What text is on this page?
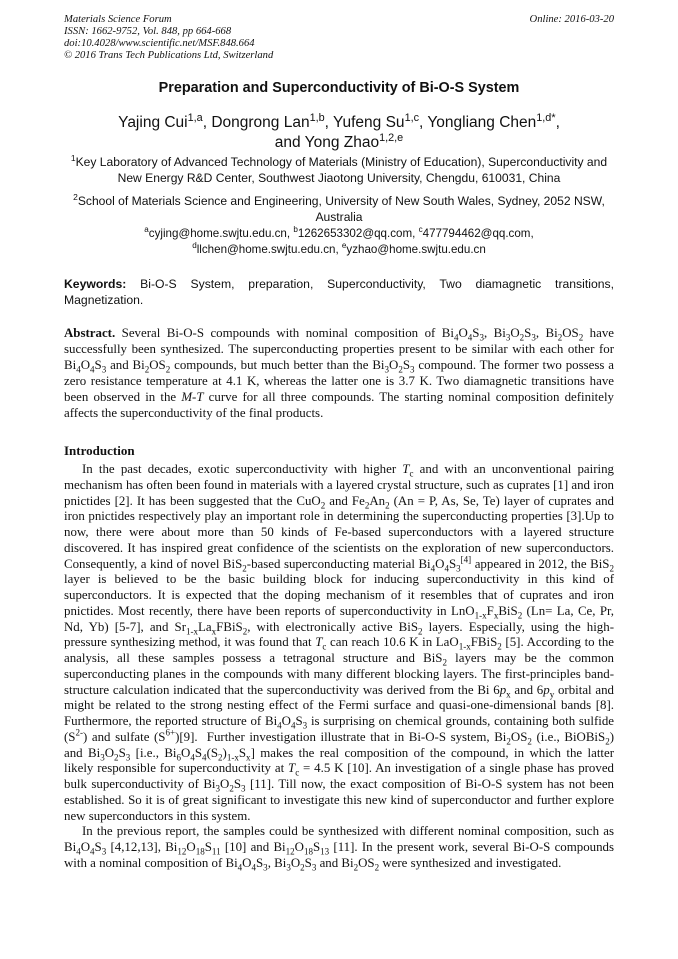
Materials Science Forum
ISSN: 1662-9752, Vol. 848, pp 664-668
doi:10.4028/www.scientific.net/MSF.848.664
© 2016 Trans Tech Publications Ltd, Switzerland
Online: 2016-03-20
Preparation and Superconductivity of Bi-O-S System
Yajing Cui$^{1,a}$, Dongrong Lan$^{1,b}$, Yufeng Su$^{1,c}$, Yongliang Chen$^{1,d*}$,
and Yong Zhao$^{1,2,e}$
$^1$Key Laboratory of Advanced Technology of Materials (Ministry of Education), Superconductivity and New Energy R&D Center, Southwest Jiaotong University, Chengdu, 610031, China
$^2$School of Materials Science and Engineering, University of New South Wales, Sydney, 2052 NSW, Australia
$^a$cyjing@home.swjtu.edu.cn, $^b$1262653302@qq.com, $^c$477794462@qq.com,
$^d$llchen@home.swjtu.edu.cn, $^e$yzhao@home.swjtu.edu.cn
Keywords: Bi-O-S System, preparation, Superconductivity, Two diamagnetic transitions, Magnetization.
Abstract. Several Bi-O-S compounds with nominal composition of $Bi_4O_4S_3$, $Bi_3O_2S_3$, $Bi_2OS_2$ have successfully been synthesized. The superconducting properties present to be similar with each other for $Bi_4O_4S_3$ and $Bi_2OS_2$ compounds, but much better than the $Bi_3O_2S_3$ compound. The former two possess a zero resistance temperature at 4.1 K, whereas the latter one is 3.7 K. Two diamagnetic transitions have been observed in the M-T curve for all three compounds. The starting nominal composition definitely affects the superconductivity of the final products.
Introduction

In the past decades, exotic superconductivity with higher $T_c$ and with an unconventional pairing mechanism has often been found in materials with a layered crystal structure, such as cuprates [1] and iron pnictides [2]. It has been suggested that the CuO$_2$ and $Fe_2An_2$ (An = P, As, Se, Te) layer of cuprates and iron pnictides respectively play an important role in determining the superconducting properties [3].Up to now, there were about more than 50 kinds of Fe-based superconductors with a layered structure discovered. It has inspired great confidence of the scientists on the exploration of new superconductors. Consequently, a kind of novel BiS$_2$-based superconducting material $Bi_4O_4S_3[4]$ appeared in 2012, the BiS$_2$ layer is believed to be the basic building block for inducing superconductivity in this kind of superconductors. It is expected that the doping mechanism of it resembles that of cuprates and iron pnictides. Most recently, there have been reports of superconductivity in $LnO_{1-x}F_xBiS_2$ (Ln= La, Ce, Pr, Nd, Yb) [5-7], and $Sr_{1-x}La_xFBiS_2$, with electronically active BiS$_2$ layers. Especially, using the high-pressure synthesizing method, it was found that $T_c$ can reach 10.6 K in LaO$_{1-x}$FBiS$_2$ [5]. According to the analysis, all these samples possess a tetragonal structure and BiS$_2$ layers may be the common superconducting planes in the compounds with many different blocking layers. The first-principles band-structure calculation indicated that the superconductivity was derived from the Bi $6p_x$ and $6p_y$ orbital and might be related to the strong nesting effect of the Fermi surface and quasi-one-dimensional bands [8]. Furthermore, the reported structure of $Bi_4O_4S_3$ is surprising on chemical grounds, containing both sulfide $(S^{2-})$ and sulfate $(S^{6+})[9]$.  Further investigation illustrate that in Bi-O-S system, $Bi_2OS_2$ (i.e., BiOBiS$_2$) and $Bi_3O_2S_3$ [i.e., $Bi_6O_4S_4(S_2)_{1-x}S_x$] makes the real composition of the compound, in which the latter likely responsible for superconductivity at $T_c = 4.5$ K [10]. An investigation of a single phase has proved bulk superconductivity of $Bi_3O_2S_3$ [11]. Till now, the exact composition of Bi-O-S system has not been established. So it is of great significant to investigate this new kind of superconductor and further explore new superconductors in this system.

In the previous report, the samples could be synthesized with different nominal composition, such as $Bi_4O_4S_3$ [4,12,13], $Bi_{12}O_{18}S_{11}$ [10] and $Bi_{12}O_{18}S_{13}$ [11]. In the present work, several Bi-O-S compounds with a nominal composition of $Bi_4O_4S_3$, $Bi_3O_2S_3$ and $Bi_2OS_2$ were synthesized and investigated.
